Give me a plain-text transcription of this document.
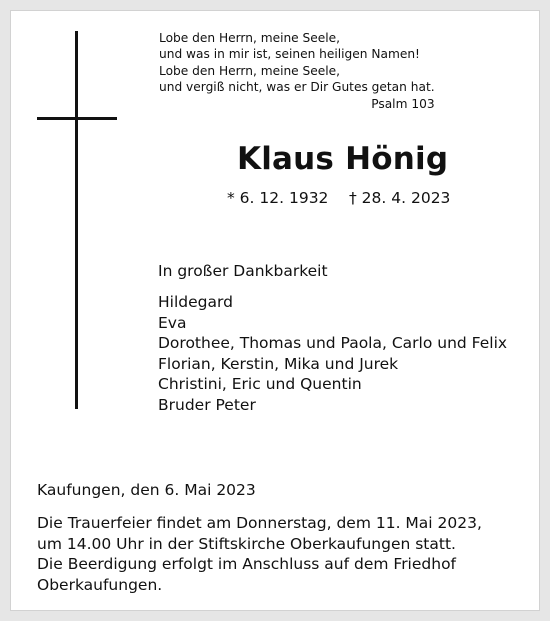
Lobe den Herrn, meine Seele,
und was in mir ist, seinen heiligen Namen!
Lobe den Herrn, meine Seele,
und vergiß nicht, was er Dir Gutes getan hat.
Psalm 103
Klaus Hönig
* 6. 12. 1932 † 28. 4. 2023
In großer Dankbarkeit
Hildegard
Eva
Dorothee, Thomas und Paola, Carlo und Felix
Florian, Kerstin, Mika und Jurek
Christini, Eric und Quentin
Bruder Peter
Kaufungen, den 6. Mai 2023
Die Trauerfeier findet am Donnerstag, dem 11. Mai 2023,
um 14.00 Uhr in der Stiftskirche Oberkaufungen statt.
Die Beerdigung erfolgt im Anschluss auf dem Friedhof
Oberkaufungen.
